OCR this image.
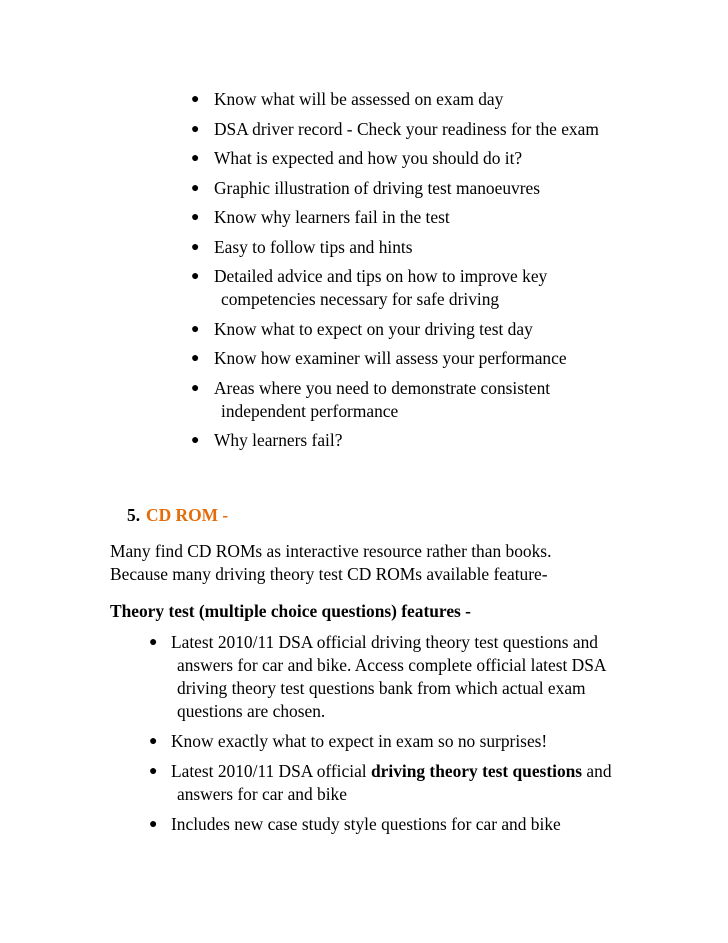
● Know what will be assessed on exam day
● DSA driver record - Check your readiness for the exam
● What is expected and how you should do it?
● Graphic illustration of driving test manoeuvres
● Know why learners fail in the test
● Easy to follow tips and hints
● Detailed advice and tips on how to improve key competencies necessary for safe driving
● Know what to expect on your driving test day
● Know how examiner will assess your performance
● Areas where you need to demonstrate consistent independent performance
● Why learners fail?
5. CD ROM -
Many find CD ROMs as interactive resource rather than books.
Because many driving theory test CD ROMs available feature-
Theory test (multiple choice questions) features -
● Latest 2010/11 DSA official driving theory test questions and answers for car and bike. Access complete official latest DSA driving theory test questions bank from which actual exam questions are chosen.
● Know exactly what to expect in exam so no surprises!
● Latest 2010/11 DSA official driving theory test questions and answers for car and bike
● Includes new case study style questions for car and bike
